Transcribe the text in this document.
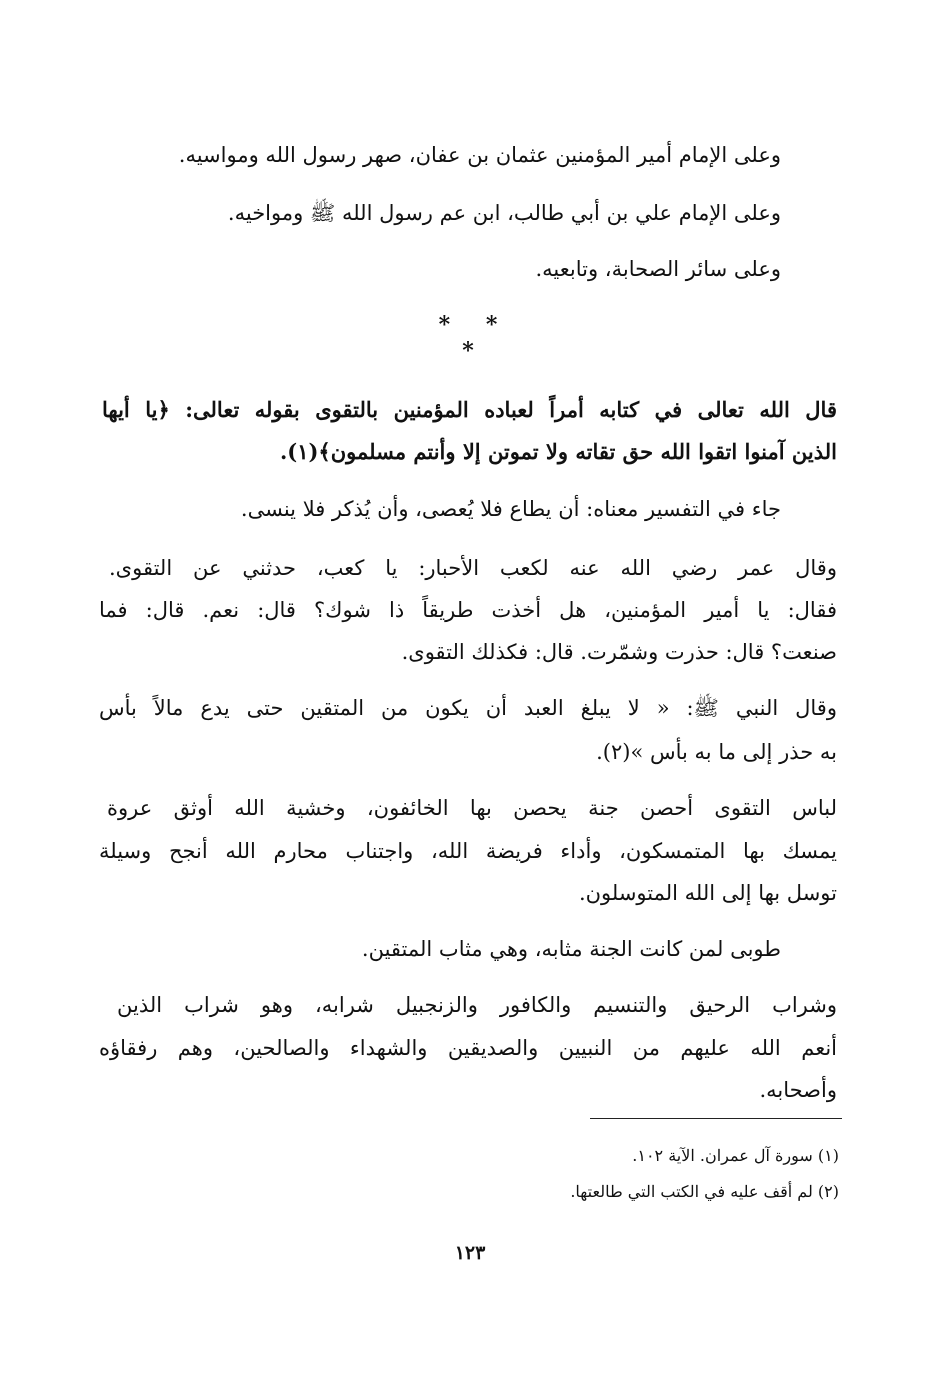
وعلى الإمام أمير المؤمنين عثمان بن عفان، صهر رسول الله ومواسيه.
وعلى الإمام علي بن أبي طالب، ابن عم رسول الله ﷺ ومواخيه.
وعلى سائر الصحابة، وتابعيه.
* * *
قال الله تعالى في كتابه أمراً لعباده المؤمنين بالتقوى بقوله تعالى: ﴿يا أيها
الذين آمنوا اتقوا الله حق تقاته ولا تموتن إلا وأنتم مسلمون﴾(١).
جاء في التفسير معناه: أن يطاع فلا يُعصى، وأن يُذكر فلا ينسى.
وقال عمر رضي الله عنه لكعب الأحبار: يا كعب، حدثني عن التقوى.
فقال: يا أمير المؤمنين، هل أخذت طريقاً ذا شوك؟ قال: نعم. قال: فما
صنعت؟ قال: حذرت وشمّرت. قال: فكذلك التقوى.
وقال النبي ﷺ: « لا يبلغ العبد أن يكون من المتقين حتى يدع مالاً بأس
به حذر إلى ما به بأس »(٢).
لباس التقوى أحصن جنة يحصن بها الخائفون، وخشية الله أوثق عروة
يمسك بها المتمسكون، وأداء فريضة الله، واجتناب محارم الله أنجح وسيلة
توسل بها إلى الله المتوسلون.
طوبى لمن كانت الجنة مثابه، وهي مثاب المتقين.
وشراب الرحيق والتنسيم والكافور والزنجبيل شرابه، وهو شراب الذين
أنعم الله عليهم من النبيين والصديقين والشهداء والصالحين، وهم رفقاؤه
وأصحابه.
(١) سورة آل عمران. الآية ١٠٢.
(٢) لم أقف عليه في الكتب التي طالعتها.
١٢٣
